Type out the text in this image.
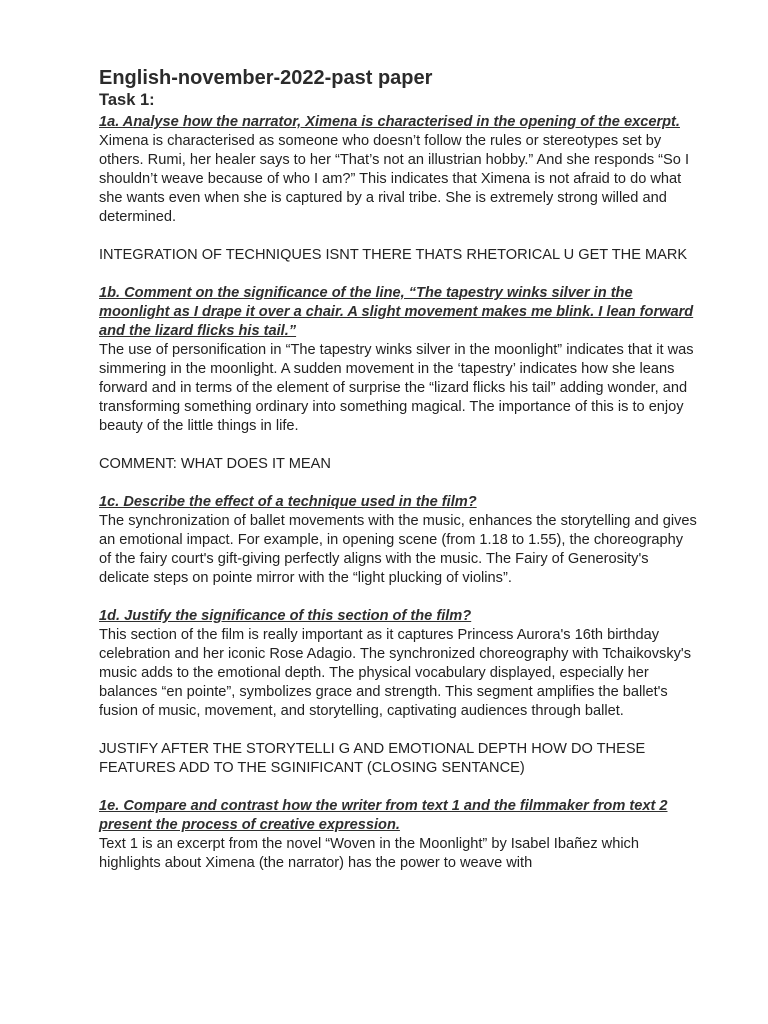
English-november-2022-past paper
Task 1:

1a. Analyse how the narrator, Ximena is characterised in the opening of the excerpt.

Ximena is characterised as someone who doesn’t follow the rules or stereotypes set by others. Rumi, her healer says to her “That’s not an illustrian hobby.” And she responds “So I shouldn’t weave because of who I am?” This indicates that Ximena is not afraid to do what she wants even when she is captured by a rival tribe. She is extremely strong willed and determined.

INTEGRATION OF TECHNIQUES ISNT THERE THATS RHETORICAL U GET THE MARK

1b. Comment on the significance of the line, “The tapestry winks silver in the moonlight as I drape it over a chair. A slight movement makes me blink. I lean forward and the lizard flicks his tail.”

The use of personification in “The tapestry winks silver in the moonlight” indicates that it was simmering in the moonlight. A sudden movement in the ‘tapestry’ indicates how she leans forward and in terms of the element of surprise the “lizard flicks his tail” adding wonder, and transforming something ordinary into something magical. The importance of this is to enjoy beauty of the little things in life.

COMMENT: WHAT DOES IT MEAN

1c. Describe the effect of a technique used in the film?

The synchronization of ballet movements with the music, enhances the storytelling and gives an emotional impact. For example, in opening scene (from 1.18 to 1.55), the choreography of the fairy court's gift-giving perfectly aligns with the music. The Fairy of Generosity's delicate steps on pointe mirror with the “light plucking of violins”.

1d. Justify the significance of this section of the film?

This section of the film is really important as it captures Princess Aurora's 16th birthday celebration and her iconic Rose Adagio. The synchronized choreography with Tchaikovsky's music adds to the emotional depth. The physical vocabulary displayed, especially her balances “en pointe”, symbolizes grace and strength. This segment amplifies the ballet's fusion of music, movement, and storytelling, captivating audiences through ballet.

JUSTIFY AFTER THE STORYTELLI G AND EMOTIONAL DEPTH HOW DO THESE FEATURES ADD TO THE SGINIFICANT (CLOSING SENTANCE)

1e. Compare and contrast how the writer from text 1 and the filmmaker from text 2 present the process of creative expression.

Text 1 is an excerpt from the novel “Woven in the Moonlight” by Isabel Ibañez which highlights about Ximena (the narrator) has the power to weave with
